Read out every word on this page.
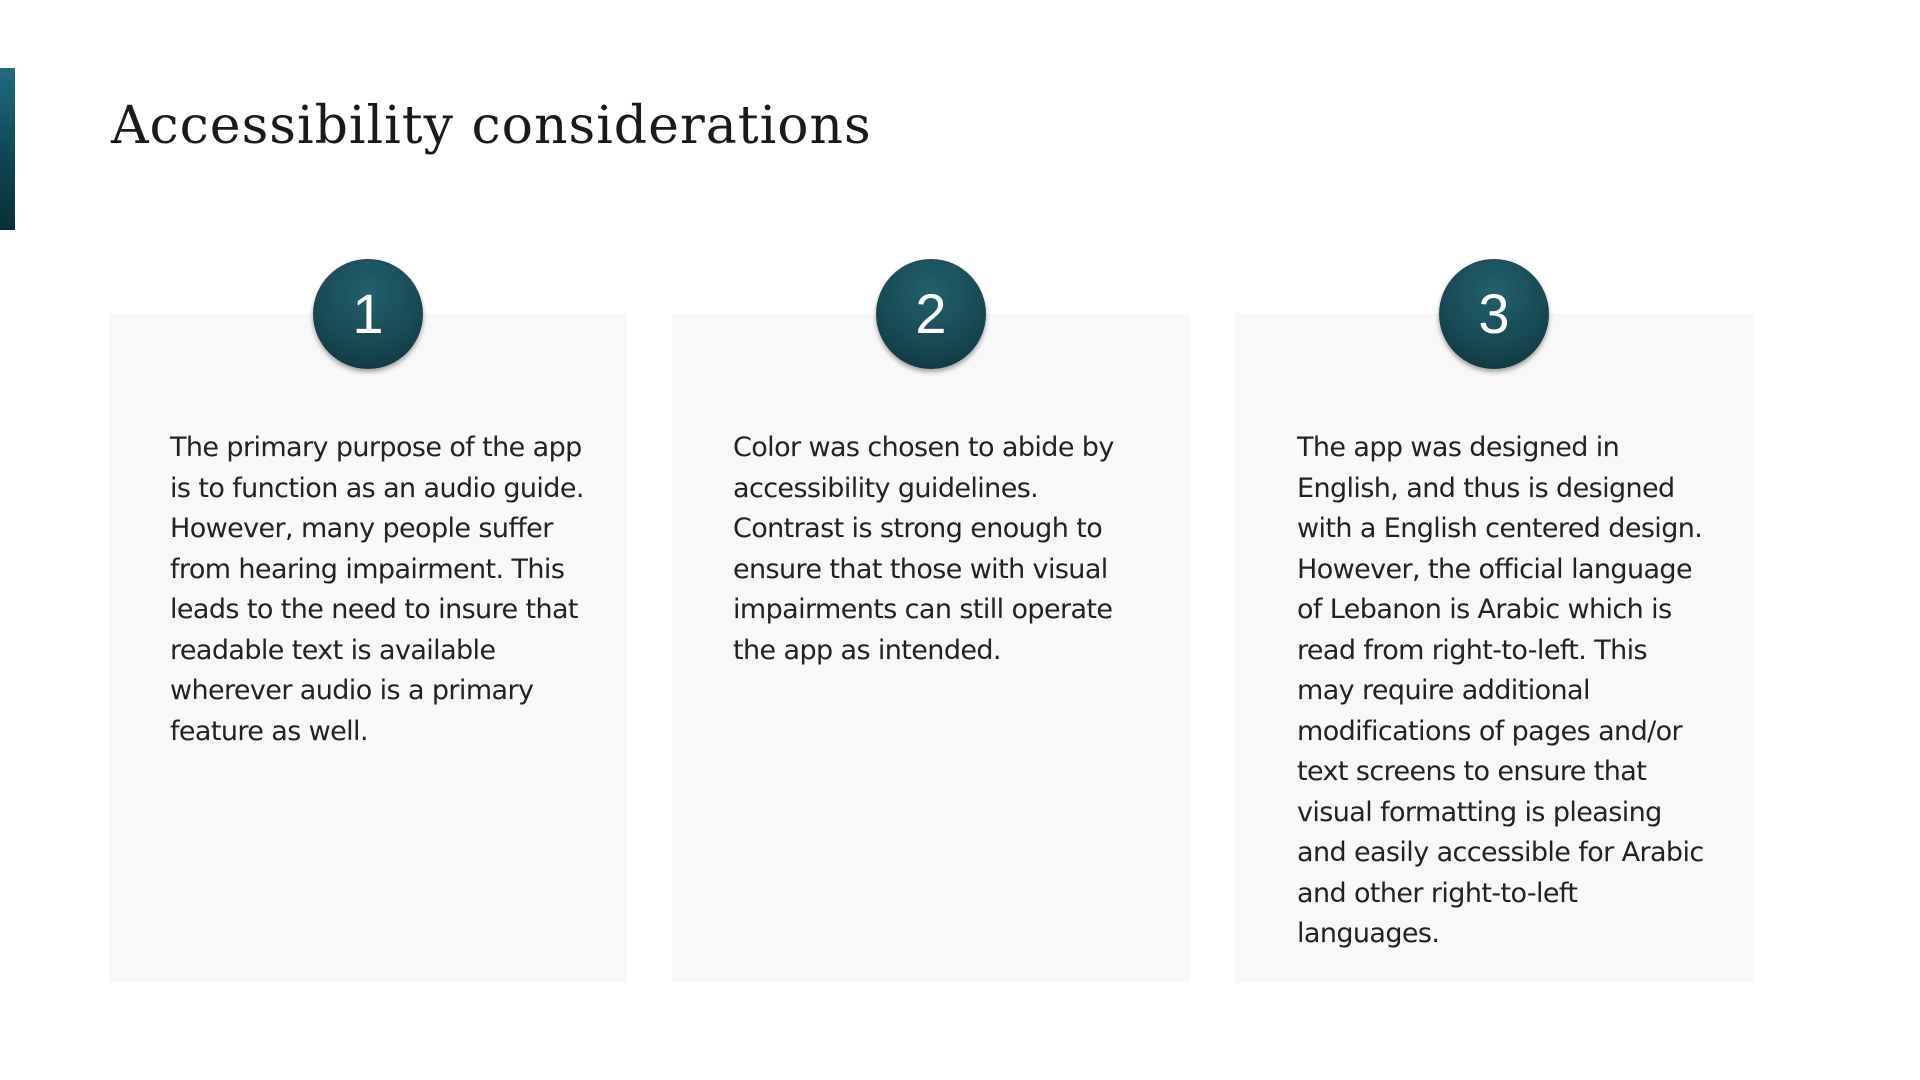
Accessibility considerations
1	2	3

The primary purpose of the app
is to function as an audio guide.
However, many people suffer
from hearing impairment. This
leads to the need to insure that
readable text is available
wherever audio is a primary
feature as well.

Color was chosen to abide by
accessibility guidelines.
Contrast is strong enough to
ensure that those with visual
impairments can still operate
the app as intended.

The app was designed in
English, and thus is designed
with a English centered design.
However, the official language
of Lebanon is Arabic which is
read from right-to-left. This
may require additional
modifications of pages and/or
text screens to ensure that
visual formatting is pleasing
and easily accessible for Arabic
and other right-to-left
languages.
